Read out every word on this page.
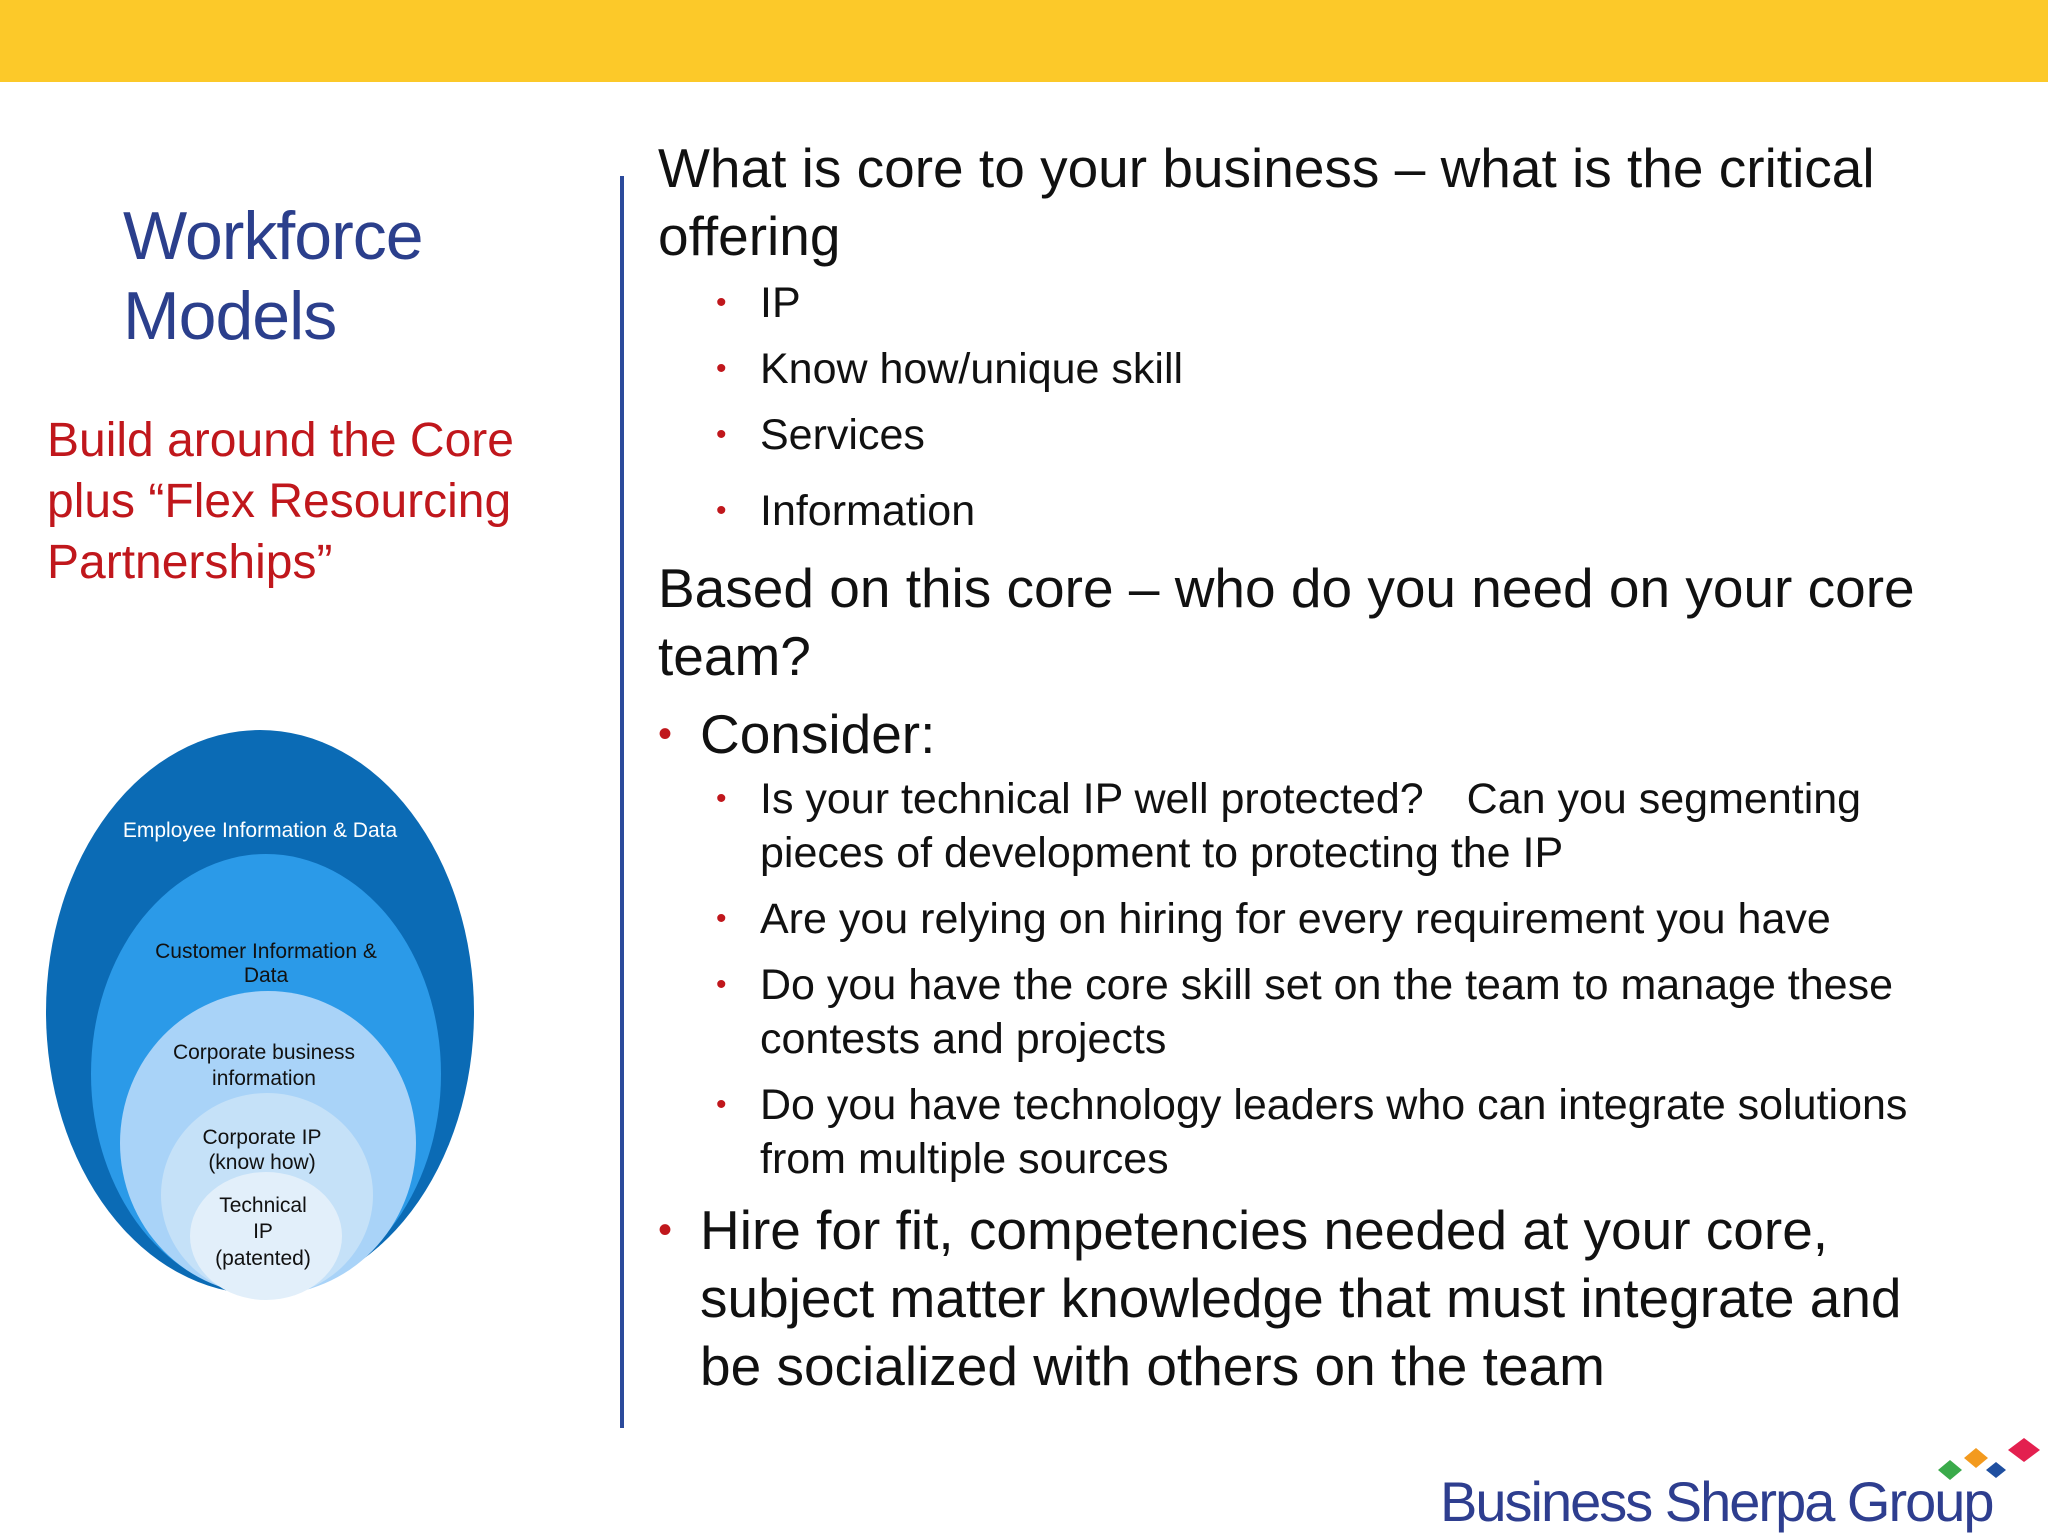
Workforce
Models

Build around the Core
plus “Flex Resourcing
Partnerships”

Employee Information & Data
Customer Information &
Data
Corporate business
information
Corporate IP
(know how)
Technical
IP
(patented)
What is core to your business – what is the critical
offering
• IP
• Know how/unique skill
• Services
• Information
Based on this core – who do you need on your core
team?
• Consider:
• Is your technical IP well protected? Can you segmenting
pieces of development to protecting the IP
• Are you relying on hiring for every requirement you have
• Do you have the core skill set on the team to manage these
contests and projects
• Do you have technology leaders who can integrate solutions
from multiple sources
• Hire for fit, competencies needed at your core,
subject matter knowledge that must integrate and
be socialized with others on the team
Business Sherpa Group
